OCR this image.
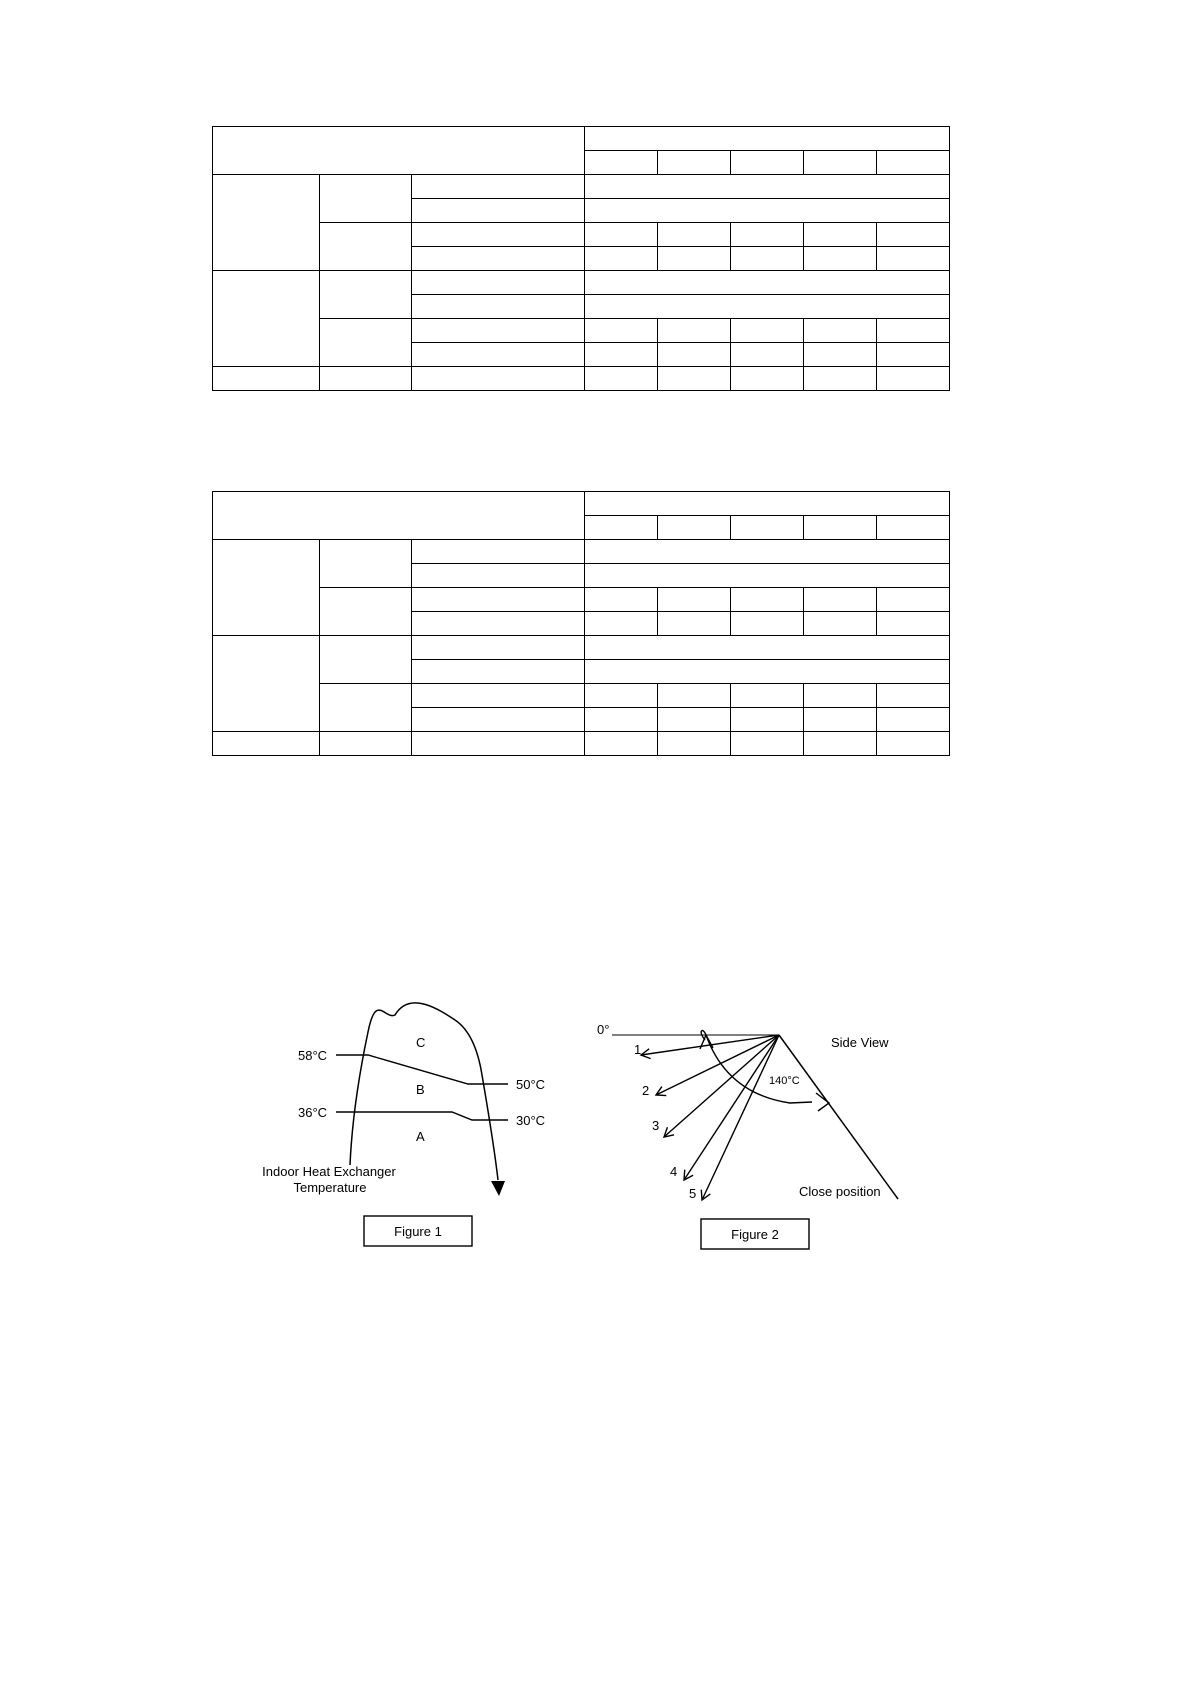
C
B
A
58°C
36°C
50°C
30°C
Indoor Heat Exchanger
Temperature
Figure 1
0°
1
2
3
4
5
140°C
Side View
Close position
Figure 2
